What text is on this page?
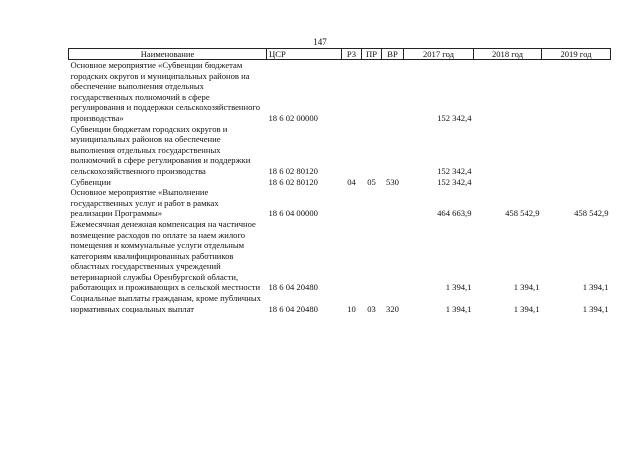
147
Наименование	ЦСР	РЗ	ПР	ВР	2017 год	2018 год	2019 год
Основное мероприятие «Субвенции бюджетам городских округов и муниципальных районов на обеспечение выполнения отдельных государственных полномочий в сфере регулирования и поддержки сельскохозяйственного производства»	18 6 02 00000				152 342,4		
Субвенции бюджетам городских округов и муниципальных районов на обеспечение выполнения отдельных государственных полномочий в сфере регулирования и поддержки сельскохозяйственного производства	18 6 02 80120				152 342,4		
Субвенции	18 6 02 80120	04	05	530	152 342,4		
Основное мероприятие «Выполнение государственных услуг и работ в рамках реализации Программы»	18 6 04 00000				464 663,9	458 542,9	458 542,9
Ежемесячная денежная компенсация на частичное возмещение расходов по оплате за наем жилого помещения и коммунальные услуги отдельным категориям квалифицированных работников областных государственных учреждений ветеринарной службы Оренбургской области, работающих и проживающих в сельской местности	18 6 04 20480				1 394,1	1 394,1	1 394,1
Социальные выплаты гражданам, кроме публичных нормативных социальных выплат	18 6 04 20480	10	03	320	1 394,1	1 394,1	1 394,1
